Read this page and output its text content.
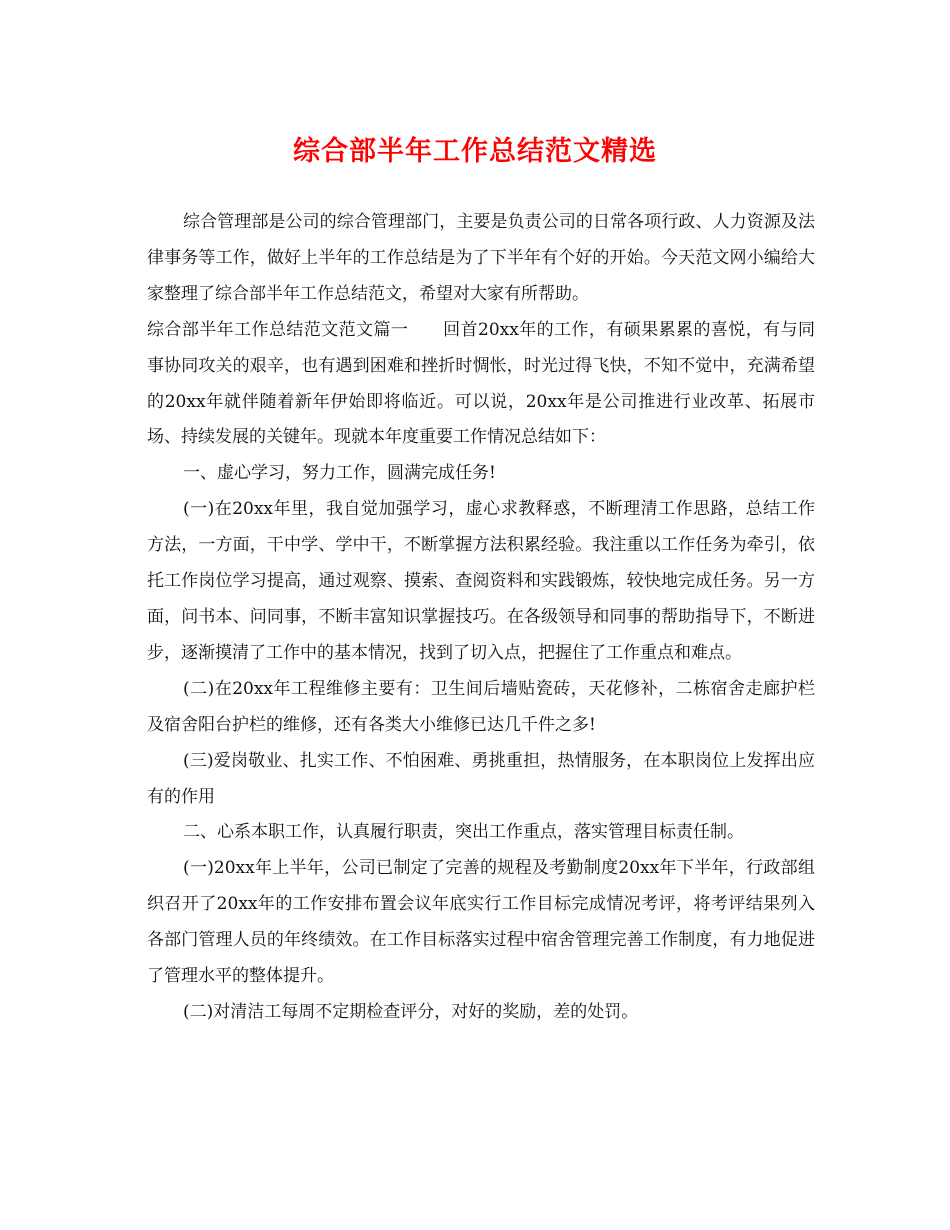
综合部半年工作总结范文精选

综合管理部是公司的综合管理部门，主要是负责公司的日常各项行政、人力资源及法律事务等工作，做好上半年的工作总结是为了下半年有个好的开始。今天范文网小编给大家整理了综合部半年工作总结范文，希望对大家有所帮助。

综合部半年工作总结范文范文篇一　　回首20xx年的工作，有硕果累累的喜悦，有与同事协同攻关的艰辛，也有遇到困难和挫折时惆怅，时光过得飞快，不知不觉中，充满希望的20xx年就伴随着新年伊始即将临近。可以说，20xx年是公司推进行业改革、拓展市场、持续发展的关键年。现就本年度重要工作情况总结如下：

一、虚心学习，努力工作，圆满完成任务!

(一)在20xx年里，我自觉加强学习，虚心求教释惑，不断理清工作思路，总结工作方法，一方面，干中学、学中干，不断掌握方法积累经验。我注重以工作任务为牵引，依托工作岗位学习提高，通过观察、摸索、查阅资料和实践锻炼，较快地完成任务。另一方面，问书本、问同事，不断丰富知识掌握技巧。在各级领导和同事的帮助指导下，不断进步，逐渐摸清了工作中的基本情况，找到了切入点，把握住了工作重点和难点。

(二)在20xx年工程维修主要有：卫生间后墙贴瓷砖，天花修补，二栋宿舍走廊护栏及宿舍阳台护栏的维修，还有各类大小维修已达几千件之多!

(三)爱岗敬业、扎实工作、不怕困难、勇挑重担，热情服务，在本职岗位上发挥出应有的作用

二、心系本职工作，认真履行职责，突出工作重点，落实管理目标责任制。

(一)20xx年上半年，公司已制定了完善的规程及考勤制度20xx年下半年，行政部组织召开了20xx年的工作安排布置会议年底实行工作目标完成情况考评，将考评结果列入各部门管理人员的年终绩效。在工作目标落实过程中宿舍管理完善工作制度，有力地促进了管理水平的整体提升。

(二)对清洁工每周不定期检查评分，对好的奖励，差的处罚。
